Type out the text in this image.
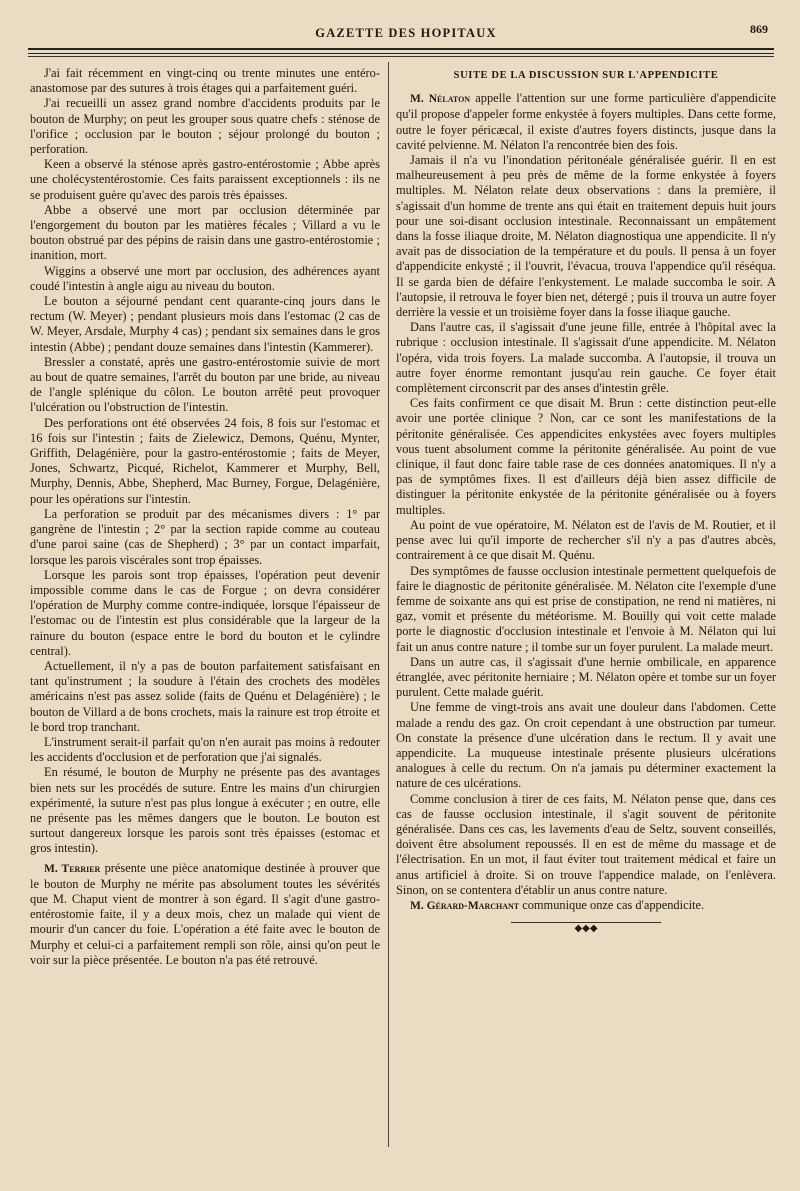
GAZETTE DES HOPITAUX	869

J'ai fait récemment en vingt-cinq ou trente minutes une entéro-anastomose par des sutures à trois étages qui a parfaitement guéri.

J'ai recueilli un assez grand nombre d'accidents produits par le bouton de Murphy; on peut les grouper sous quatre chefs : sténose de l'orifice ; occlusion par le bouton ; séjour prolongé du bouton ; perforation.

Keen a observé la sténose après gastro-entérostomie ; Abbe après une cholécystentérostomie. Ces faits paraissent exceptionnels : ils ne se produisent guère qu'avec des parois très épaisses.

Abbe a observé une mort par occlusion déterminée par l'engorgement du bouton par les matières fécales ; Villard a vu le bouton obstrué par des pépins de raisin dans une gastro-entérostomie ; inanition, mort.

Wiggins a observé une mort par occlusion, des adhérences ayant coudé l'intestin à angle aigu au niveau du bouton.

Le bouton a séjourné pendant cent quarante-cinq jours dans le rectum (W. Meyer) ; pendant plusieurs mois dans l'estomac (2 cas de W. Meyer, Arsdale, Murphy 4 cas) ; pendant six semaines dans le gros intestin (Abbe) ; pendant douze semaines dans l'intestin (Kammerer).

Bressler a constaté, après une gastro-entérostomie suivie de mort au bout de quatre semaines, l'arrêt du bouton par une bride, au niveau de l'angle splénique du côlon. Le bouton arrêté peut provoquer l'ulcération ou l'obstruction de l'intestin.

Des perforations ont été observées 24 fois, 8 fois sur l'estomac et 16 fois sur l'intestin ; faits de Zielewicz, Demons, Quénu, Mynter, Griffith, Delagénière, pour la gastro-entérostomie ; faits de Meyer, Jones, Schwartz, Picqué, Richelot, Kammerer et Murphy, Bell, Murphy, Dennis, Abbe, Shepherd, Mac Burney, Forgue, Delagénière, pour les opérations sur l'intestin.

La perforation se produit par des mécanismes divers : 1° par gangrène de l'intestin ; 2° par la section rapide comme au couteau d'une paroi saine (cas de Shepherd) ; 3° par un contact imparfait, lorsque les parois viscérales sont trop épaisses.

Lorsque les parois sont trop épaisses, l'opération peut devenir impossible comme dans le cas de Forgue ; on devra considérer l'opération de Murphy comme contre-indiquée, lorsque l'épaisseur de l'estomac ou de l'intestin est plus considérable que la largeur de la rainure du bouton (espace entre le bord du bouton et le cylindre central).

Actuellement, il n'y a pas de bouton parfaitement satisfaisant en tant qu'instrument ; la soudure à l'étain des crochets des modèles américains n'est pas assez solide (faits de Quénu et Delagénière) ; le bouton de Villard a de bons crochets, mais la rainure est trop étroite et le bord trop tranchant.

L'instrument serait-il parfait qu'on n'en aurait pas moins à redouter les accidents d'occlusion et de perforation que j'ai signalés.

En résumé, le bouton de Murphy ne présente pas des avantages bien nets sur les procédés de suture. Entre les mains d'un chirurgien expérimenté, la suture n'est pas plus longue à exécuter ; en outre, elle ne présente pas les mêmes dangers que le bouton. Le bouton est surtout dangereux lorsque les parois sont très épaisses (estomac et gros intestin).

M. Terrier présente une pièce anatomique destinée à prouver que le bouton de Murphy ne mérite pas absolument toutes les sévérités que M. Chaput vient de montrer à son égard. Il s'agit d'une gastro-entérostomie faite, il y a deux mois, chez un malade qui vient de mourir d'un cancer du foie. L'opération a été faite avec le bouton de Murphy et celui-ci a parfaitement rempli son rôle, ainsi qu'on peut le voir sur la pièce présentée. Le bouton n'a pas été retrouvé.

SUITE DE LA DISCUSSION SUR L'APPENDICITE

M. Nélaton appelle l'attention sur une forme particulière d'appendicite qu'il propose d'appeler forme enkystée à foyers multiples. Dans cette forme, outre le foyer péricæcal, il existe d'autres foyers distincts, jusque dans la cavité pelvienne. M. Nélaton l'a rencontrée bien des fois.

Jamais il n'a vu l'inondation péritonéale généralisée guérir. Il en est malheureusement à peu près de même de la forme enkystée à foyers multiples. M. Nélaton relate deux observations : dans la première, il s'agissait d'un homme de trente ans qui était en traitement depuis huit jours pour une soi-disant occlusion intestinale. Reconnaissant un empâtement dans la fosse iliaque droite, M. Nélaton diagnostiqua une appendicite. Il n'y avait pas de dissociation de la température et du pouls. Il pensa à un foyer d'appendicite enkysté ; il l'ouvrit, l'évacua, trouva l'appendice qu'il réséqua. Il se garda bien de défaire l'enkystement. Le malade succomba le soir. A l'autopsie, il retrouva le foyer bien net, détergé ; puis il trouva un autre foyer derrière la vessie et un troisième foyer dans la fosse iliaque gauche.

Dans l'autre cas, il s'agissait d'une jeune fille, entrée à l'hôpital avec la rubrique : occlusion intestinale. Il s'agissait d'une appendicite. M. Nélaton l'opéra, vida trois foyers. La malade succomba. A l'autopsie, il trouva un autre foyer énorme remontant jusqu'au rein gauche. Ce foyer était complètement circonscrit par des anses d'intestin grêle.

Ces faits confirment ce que disait M. Brun : cette distinction peut-elle avoir une portée clinique ? Non, car ce sont les manifestations de la péritonite généralisée. Ces appendicites enkystées avec foyers multiples vous tuent absolument comme la péritonite généralisée. Au point de vue clinique, il faut donc faire table rase de ces données anatomiques. Il n'y a pas de symptômes fixes. Il est d'ailleurs déjà bien assez difficile de distinguer la péritonite enkystée de la péritonite généralisée ou à foyers multiples.

Au point de vue opératoire, M. Nélaton est de l'avis de M. Routier, et il pense avec lui qu'il importe de rechercher s'il n'y a pas d'autres abcès, contrairement à ce que disait M. Quénu.

Des symptômes de fausse occlusion intestinale permettent quelquefois de faire le diagnostic de péritonite généralisée. M. Nélaton cite l'exemple d'une femme de soixante ans qui est prise de constipation, ne rend ni matières, ni gaz, vomit et présente du météorisme. M. Bouilly qui voit cette malade porte le diagnostic d'occlusion intestinale et l'envoie à M. Nélaton qui lui fait un anus contre nature ; il tombe sur un foyer purulent. La malade meurt.

Dans un autre cas, il s'agissait d'une hernie ombilicale, en apparence étranglée, avec péritonite herniaire ; M. Nélaton opère et tombe sur un foyer purulent. Cette malade guérit.

Une femme de vingt-trois ans avait une douleur dans l'abdomen. Cette malade a rendu des gaz. On croit cependant à une obstruction par tumeur. On constate la présence d'une ulcération dans le rectum. Il y avait une appendicite. La muqueuse intestinale présente plusieurs ulcérations analogues à celle du rectum. On n'a jamais pu déterminer exactement la nature de ces ulcérations.

Comme conclusion à tirer de ces faits, M. Nélaton pense que, dans ces cas de fausse occlusion intestinale, il s'agit souvent de péritonite généralisée. Dans ces cas, les lavements d'eau de Seltz, souvent conseillés, doivent être absolument repoussés. Il en est de même du massage et de l'électrisation. En un mot, il faut éviter tout traitement médical et faire un anus artificiel à droite. Si on trouve l'appendice malade, on l'enlèvera. Sinon, on se contentera d'établir un anus contre nature.

M. Gérard-Marchant communique onze cas d'appendicite.

◆◆◆
